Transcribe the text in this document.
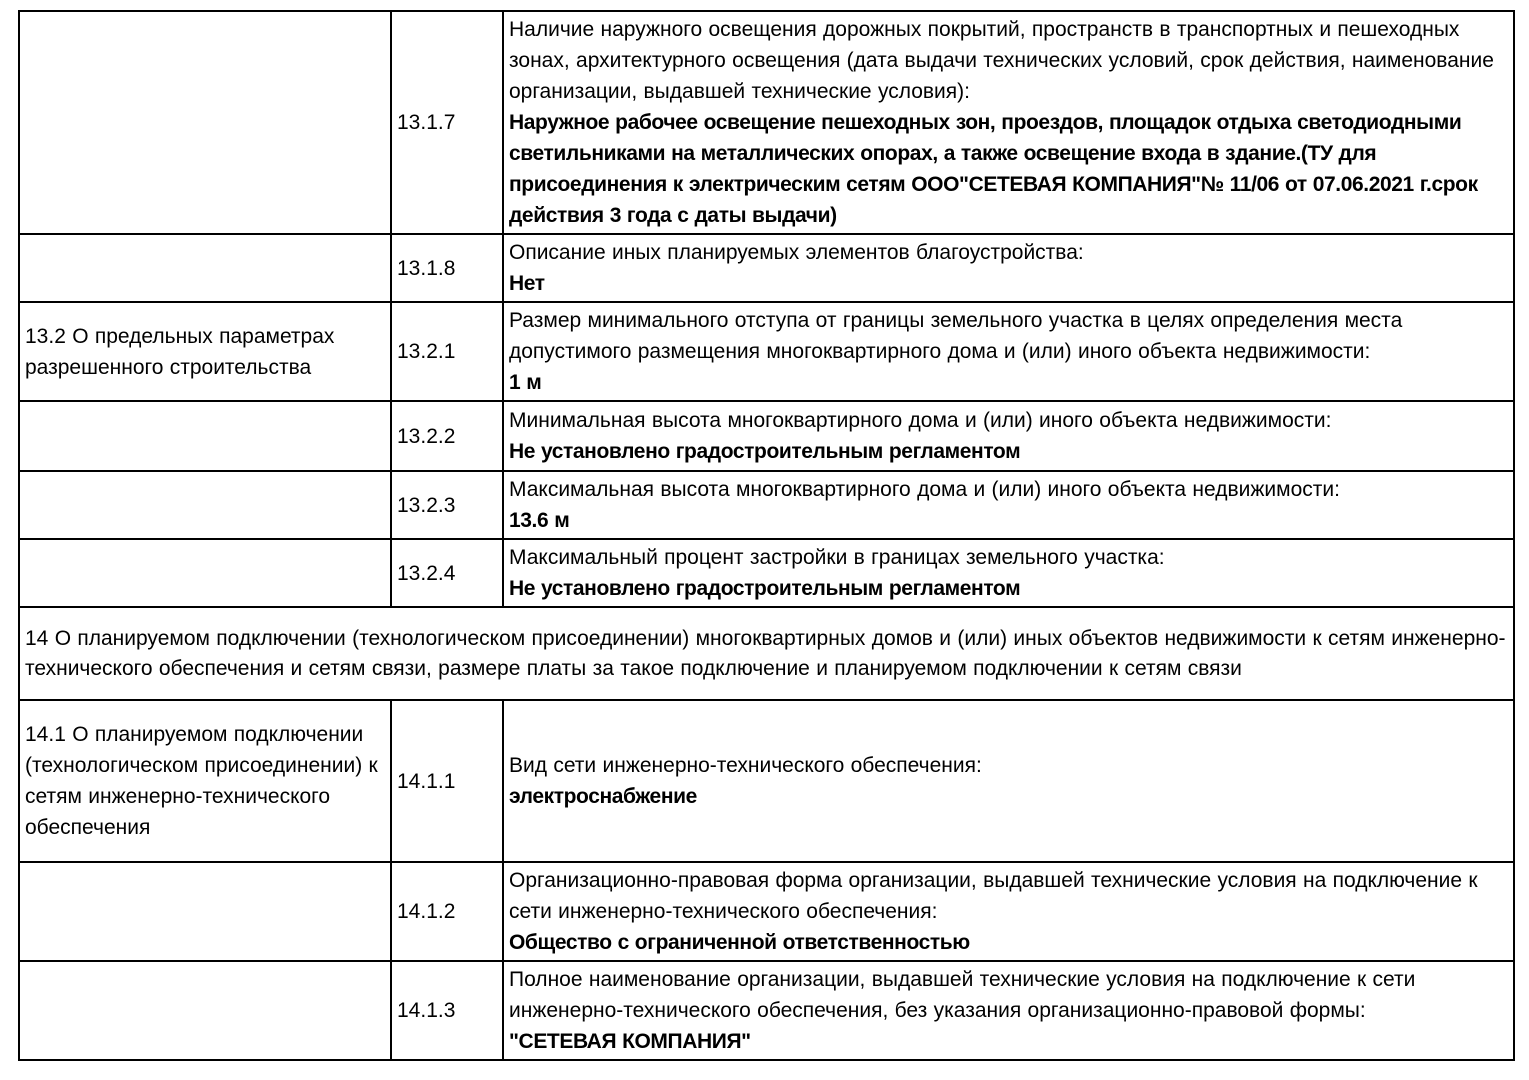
	13.1.7	Наличие наружного освещения дорожных покрытий, пространств в транспортных и пешеходных зонах, архитектурного освещения (дата выдачи технических условий, срок действия, наименование организации, выдавшей технические условия):
Наружное рабочее освещение пешеходных зон, проездов, площадок отдыха светодиодными светильниками на металлических опорах, а также освещение входа в здание.(ТУ для присоединения к электрическим сетям ООО"СЕТЕВАЯ КОМПАНИЯ"№ 11/06 от 07.06.2021 г.срок действия 3 года с даты выдачи)

	13.1.8	Описание иных планируемых элементов благоустройства:
Нет

13.2 О предельных параметрах разрешенного строительства	13.2.1	Размер минимального отступа от границы земельного участка в целях определения места допустимого размещения многоквартирного дома и (или) иного объекта недвижимости:
1 м

	13.2.2	Минимальная высота многоквартирного дома и (или) иного объекта недвижимости:
Не установлено градостроительным регламентом

	13.2.3	Максимальная высота многоквартирного дома и (или) иного объекта недвижимости:
13.6 м

	13.2.4	Максимальный процент застройки в границах земельного участка:
Не установлено градостроительным регламентом

14 О планируемом подключении (технологическом присоединении) многоквартирных домов и (или) иных объектов недвижимости к сетям инженерно-технического обеспечения и сетям связи, размере платы за такое подключение и планируемом подключении к сетям связи		
14.1 О планируемом подключении (технологическом присоединении) к сетям инженерно-технического обеспечения	14.1.1	Вид сети инженерно-технического обеспечения:
электроснабжение

	14.1.2	Организационно-правовая форма организации, выдавшей технические условия на подключение к сети инженерно-технического обеспечения:
Общество с ограниченной ответственностью

	14.1.3	Полное наименование организации, выдавшей технические условия на подключение к сети инженерно-технического обеспечения, без указания организационно-правовой формы:
"СЕТЕВАЯ КОМПАНИЯ"
